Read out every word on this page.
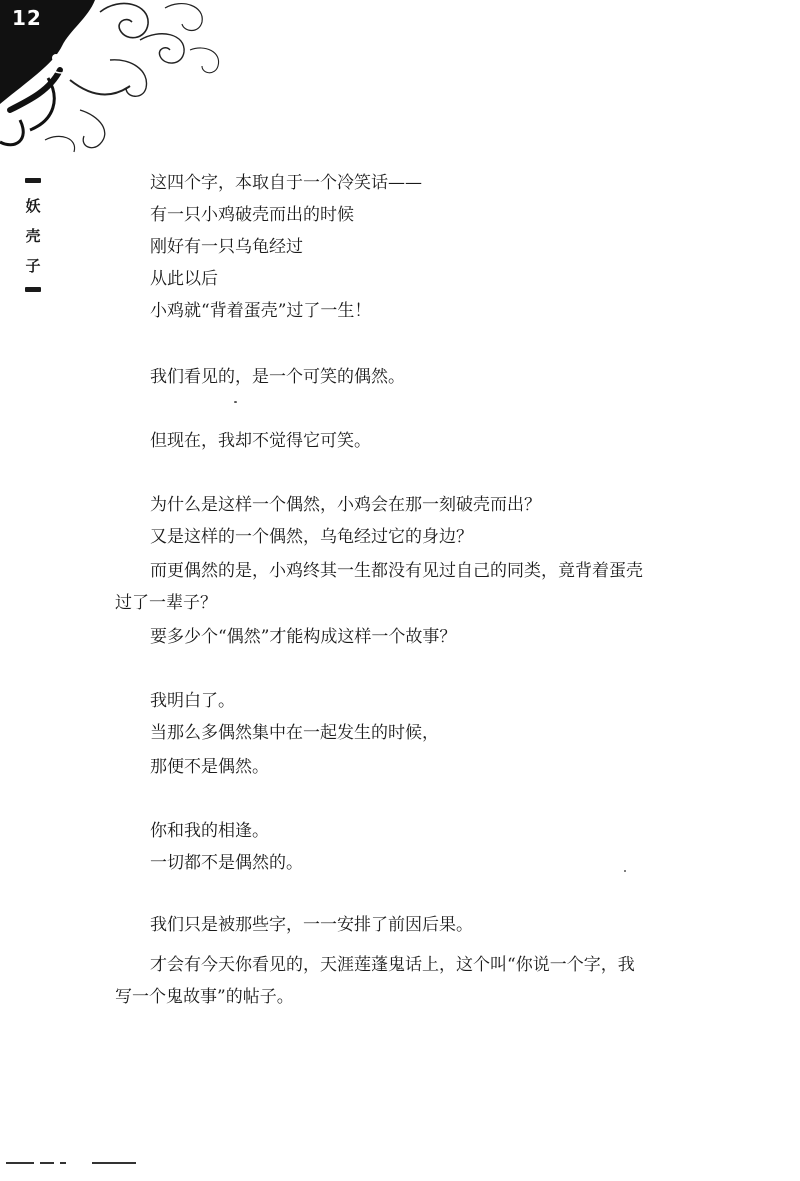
12
妖
壳
子
这四个字，本取自于一个冷笑话——
有一只小鸡破壳而出的时候
刚好有一只乌龟经过
从此以后
小鸡就“背着蛋壳”过了一生！
我们看见的，是一个可笑的偶然。
但现在，我却不觉得它可笑。
为什么是这样一个偶然，小鸡会在那一刻破壳而出？
又是这样的一个偶然，乌龟经过它的身边？
而更偶然的是，小鸡终其一生都没有见过自己的同类，竟背着蛋壳
过了一辈子？
要多少个“偶然”才能构成这样一个故事？
我明白了。
当那么多偶然集中在一起发生的时候，
那便不是偶然。
你和我的相逢。
一切都不是偶然的。
我们只是被那些字，一一安排了前因后果。
才会有今天你看见的，天涯莲蓬鬼话上，这个叫“你说一个字，我
写一个鬼故事”的帖子。
